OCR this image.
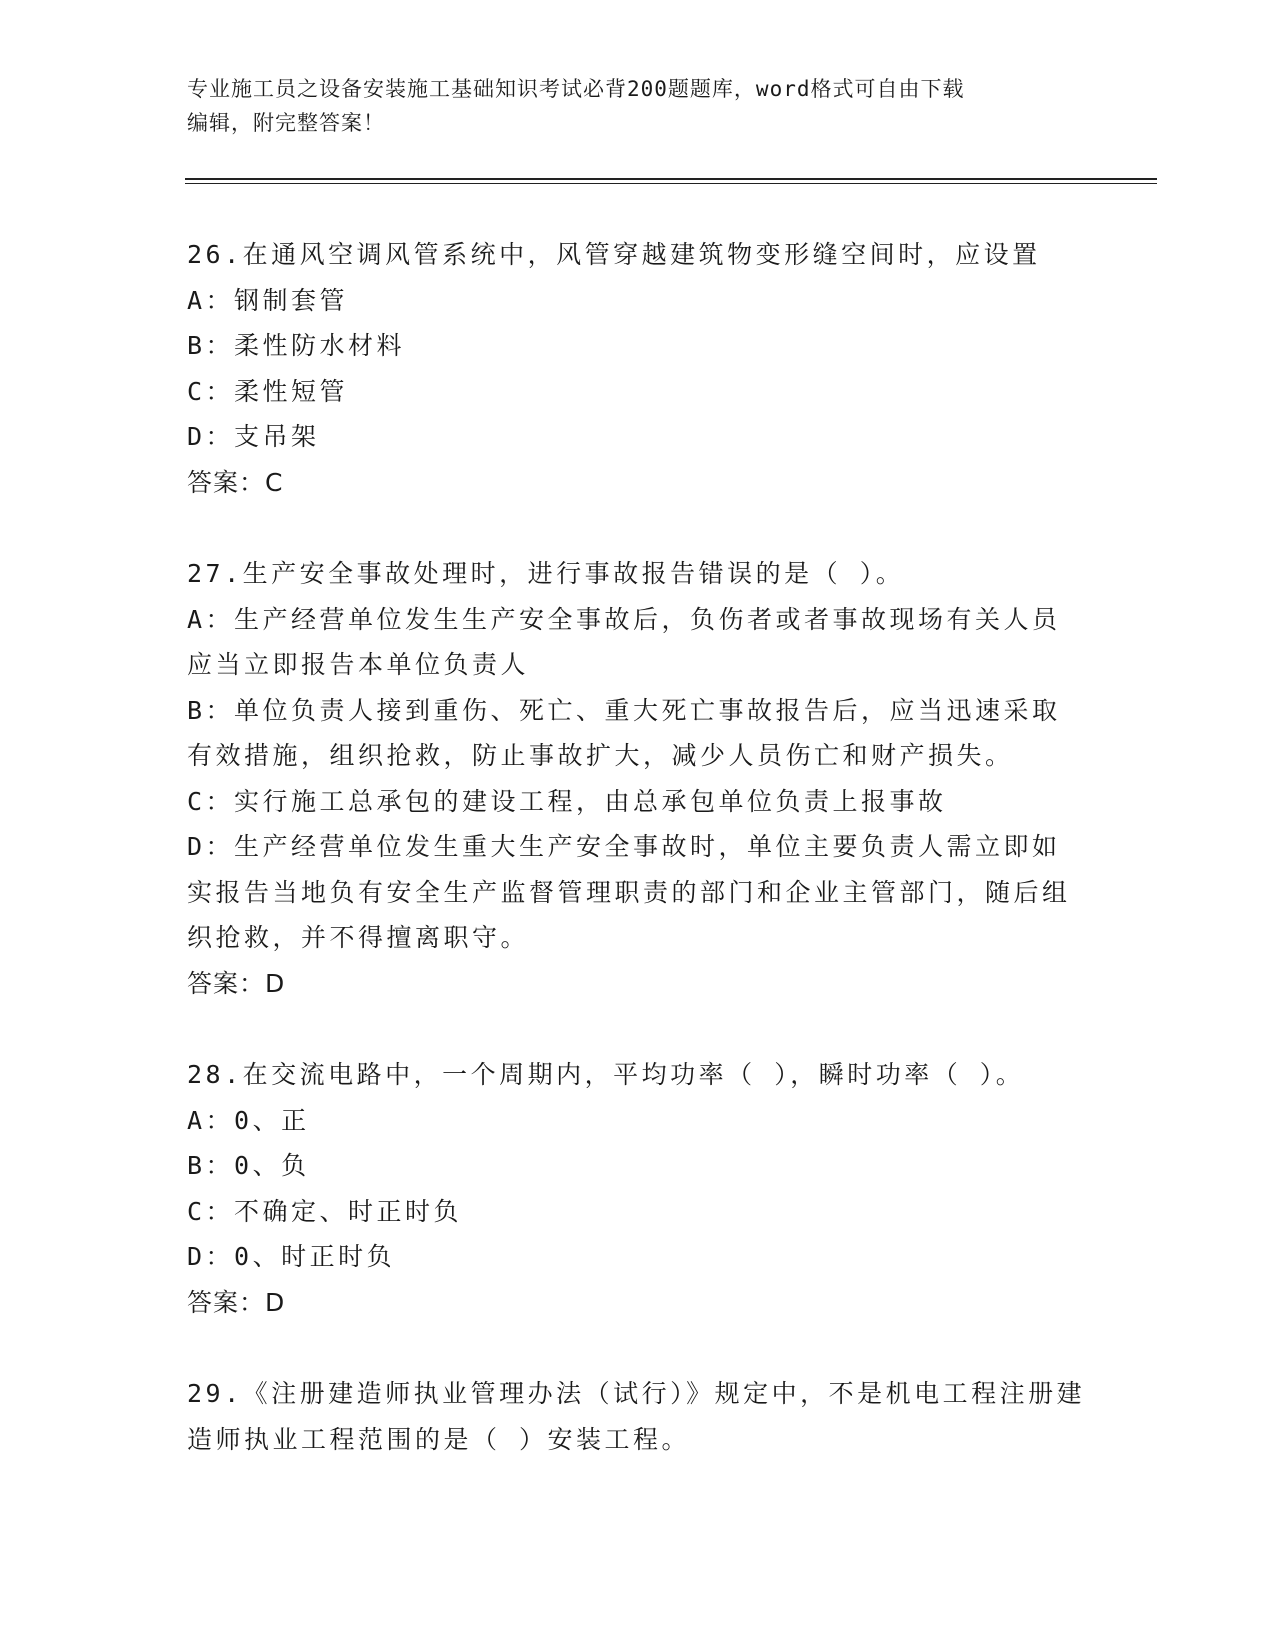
专业施工员之设备安装施工基础知识考试必背200题题库，word格式可自由下载
编辑，附完整答案！
26.在通风空调风管系统中，风管穿越建筑物变形缝空间时，应设置
A：钢制套管
B：柔性防水材料
C：柔性短管
D：支吊架
答案：C
27.生产安全事故处理时，进行事故报告错误的是（ ）。
A：生产经营单位发生生产安全事故后，负伤者或者事故现场有关人员应当立即报告本单位负责人
B：单位负责人接到重伤、死亡、重大死亡事故报告后，应当迅速采取有效措施，组织抢救，防止事故扩大，减少人员伤亡和财产损失。
C：实行施工总承包的建设工程，由总承包单位负责上报事故
D：生产经营单位发生重大生产安全事故时，单位主要负责人需立即如实报告当地负有安全生产监督管理职责的部门和企业主管部门，随后组织抢救，并不得擅离职守。
答案：D
28.在交流电路中，一个周期内，平均功率（ ），瞬时功率（ ）。
A：0、正
B：0、负
C：不确定、时正时负
D：0、时正时负
答案：D
29.《注册建造师执业管理办法（试行）》规定中，不是机电工程注册建造师执业工程范围的是（ ）安装工程。
